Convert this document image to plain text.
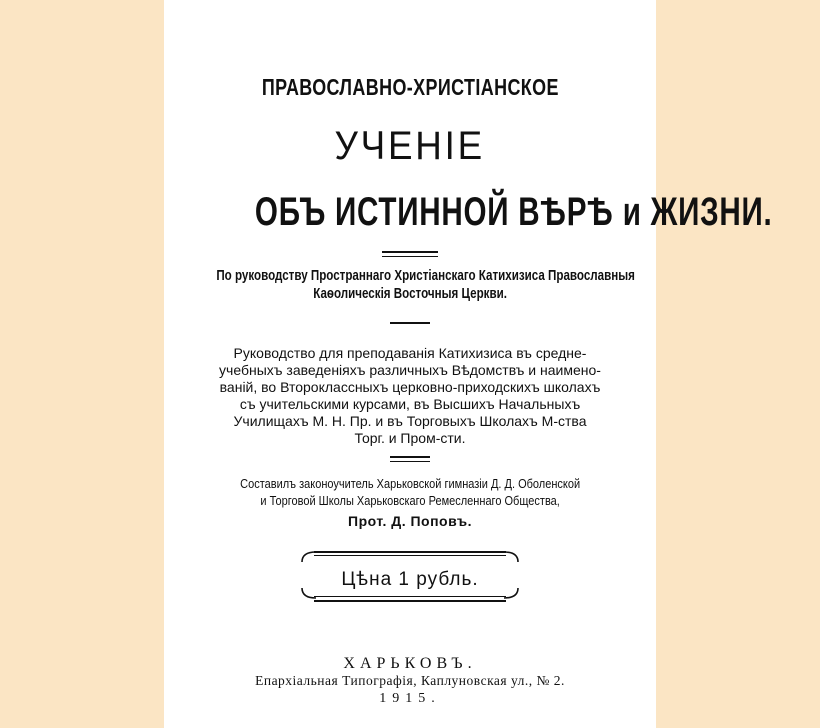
ПРАВОСЛАВНО-ХРИСТІАНСКОЕ
УЧЕНІЕ
ОБЪ ИСТИННОЙ ВѢРѢ и ЖИЗНИ.
По руководству Пространнаго Христіанскаго Катихизиса Православныя
Каѳолическія Восточныя Церкви.
Руководство для преподаванія Катихизиса въ средне-
учебныхъ заведеніяхъ различныхъ Вѣдомствъ и наимено-
ваній, во Второклассныхъ церковно-приходскихъ школахъ
съ учительскими курсами, въ Высшихъ Начальныхъ
Училищахъ М. Н. Пр. и въ Торговыхъ Школахъ М-ства
Торг. и Пром-сти.
Составилъ законоучитель Харьковской гимназіи Д. Д. Оболенской
и Торговой Школы Харьковскаго Ремесленнаго Общества,
Прот. Д. Поповъ.
Цѣна 1 рубль.
ХАРЬКОВЪ.
Епархіальная Типографія, Каплуновская ул., № 2.
1915.
